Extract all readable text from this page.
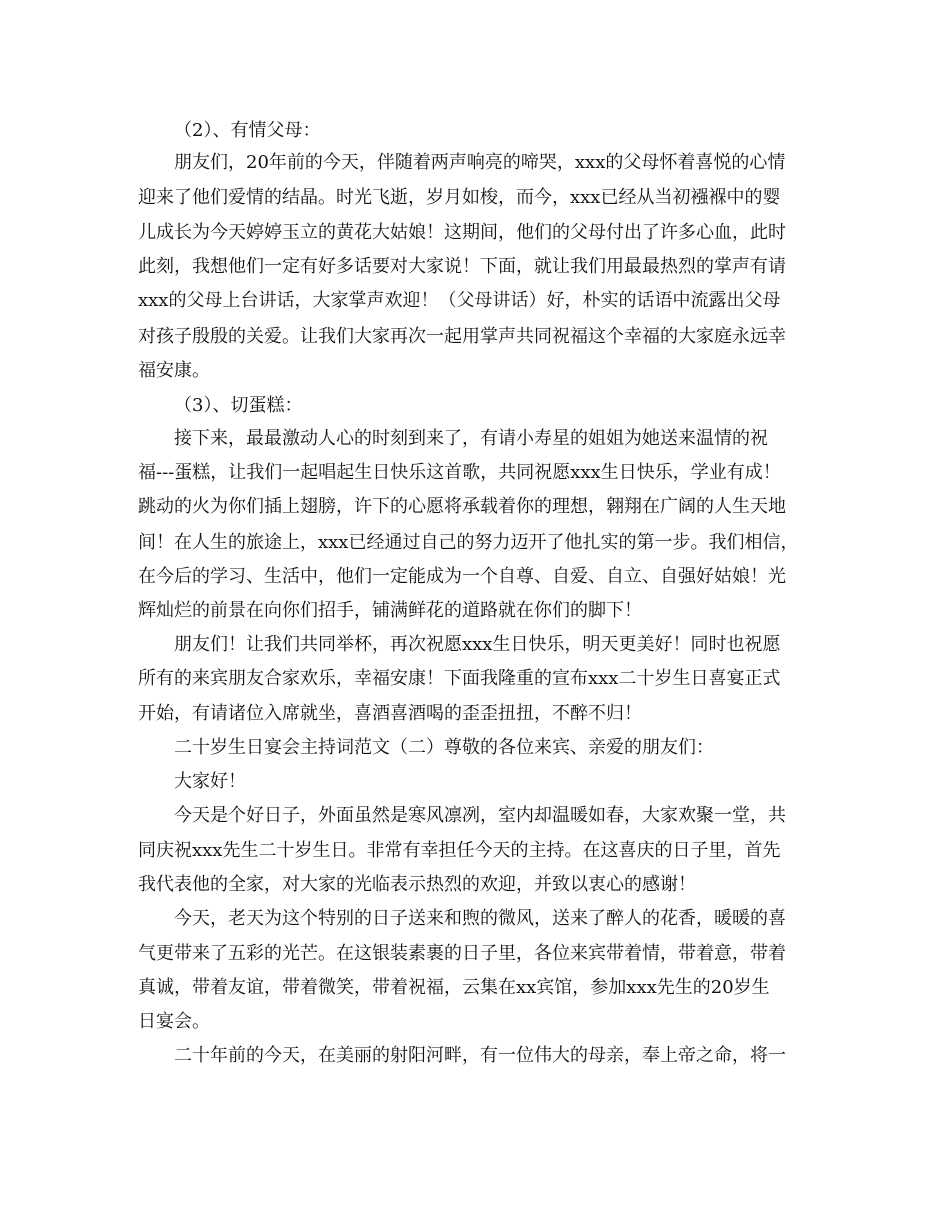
（2）、有情父母：
朋友们，20年前的今天，伴随着两声响亮的啼哭，xxx的父母怀着喜悦的心情
迎来了他们爱情的结晶。时光飞逝，岁月如梭，而今，xxx已经从当初襁褓中的婴
儿成长为今天婷婷玉立的黄花大姑娘！这期间，他们的父母付出了许多心血，此时
此刻，我想他们一定有好多话要对大家说！下面，就让我们用最最热烈的掌声有请
xxx的父母上台讲话，大家掌声欢迎！（父母讲话）好，朴实的话语中流露出父母
对孩子殷殷的关爱。让我们大家再次一起用掌声共同祝福这个幸福的大家庭永远幸
福安康。
（3）、切蛋糕：
接下来，最最激动人心的时刻到来了，有请小寿星的姐姐为她送来温情的祝
福---蛋糕，让我们一起唱起生日快乐这首歌，共同祝愿xxx生日快乐，学业有成！
跳动的火为你们插上翅膀，许下的心愿将承载着你的理想，翱翔在广阔的人生天地
间！在人生的旅途上，xxx已经通过自己的努力迈开了他扎实的第一步。我们相信，
在今后的学习、生活中，他们一定能成为一个自尊、自爱、自立、自强好姑娘！光
辉灿烂的前景在向你们招手，铺满鲜花的道路就在你们的脚下！
朋友们！让我们共同举杯，再次祝愿xxx生日快乐，明天更美好！同时也祝愿
所有的来宾朋友合家欢乐，幸福安康！下面我隆重的宣布xxx二十岁生日喜宴正式
开始，有请诸位入席就坐，喜酒喜酒喝的歪歪扭扭，不醉不归！
二十岁生日宴会主持词范文（二）尊敬的各位来宾、亲爱的朋友们：
大家好！
今天是个好日子，外面虽然是寒风凛冽，室内却温暖如春，大家欢聚一堂，共
同庆祝xxx先生二十岁生日。非常有幸担任今天的主持。在这喜庆的日子里，首先
我代表他的全家，对大家的光临表示热烈的欢迎，并致以衷心的感谢！
今天，老天为这个特别的日子送来和煦的微风，送来了醉人的花香，暖暖的喜
气更带来了五彩的光芒。在这银装素裹的日子里，各位来宾带着情，带着意，带着
真诚，带着友谊，带着微笑，带着祝福，云集在xx宾馆，参加xxx先生的20岁生
日宴会。
二十年前的今天，在美丽的射阳河畔，有一位伟大的母亲，奉上帝之命，将一
